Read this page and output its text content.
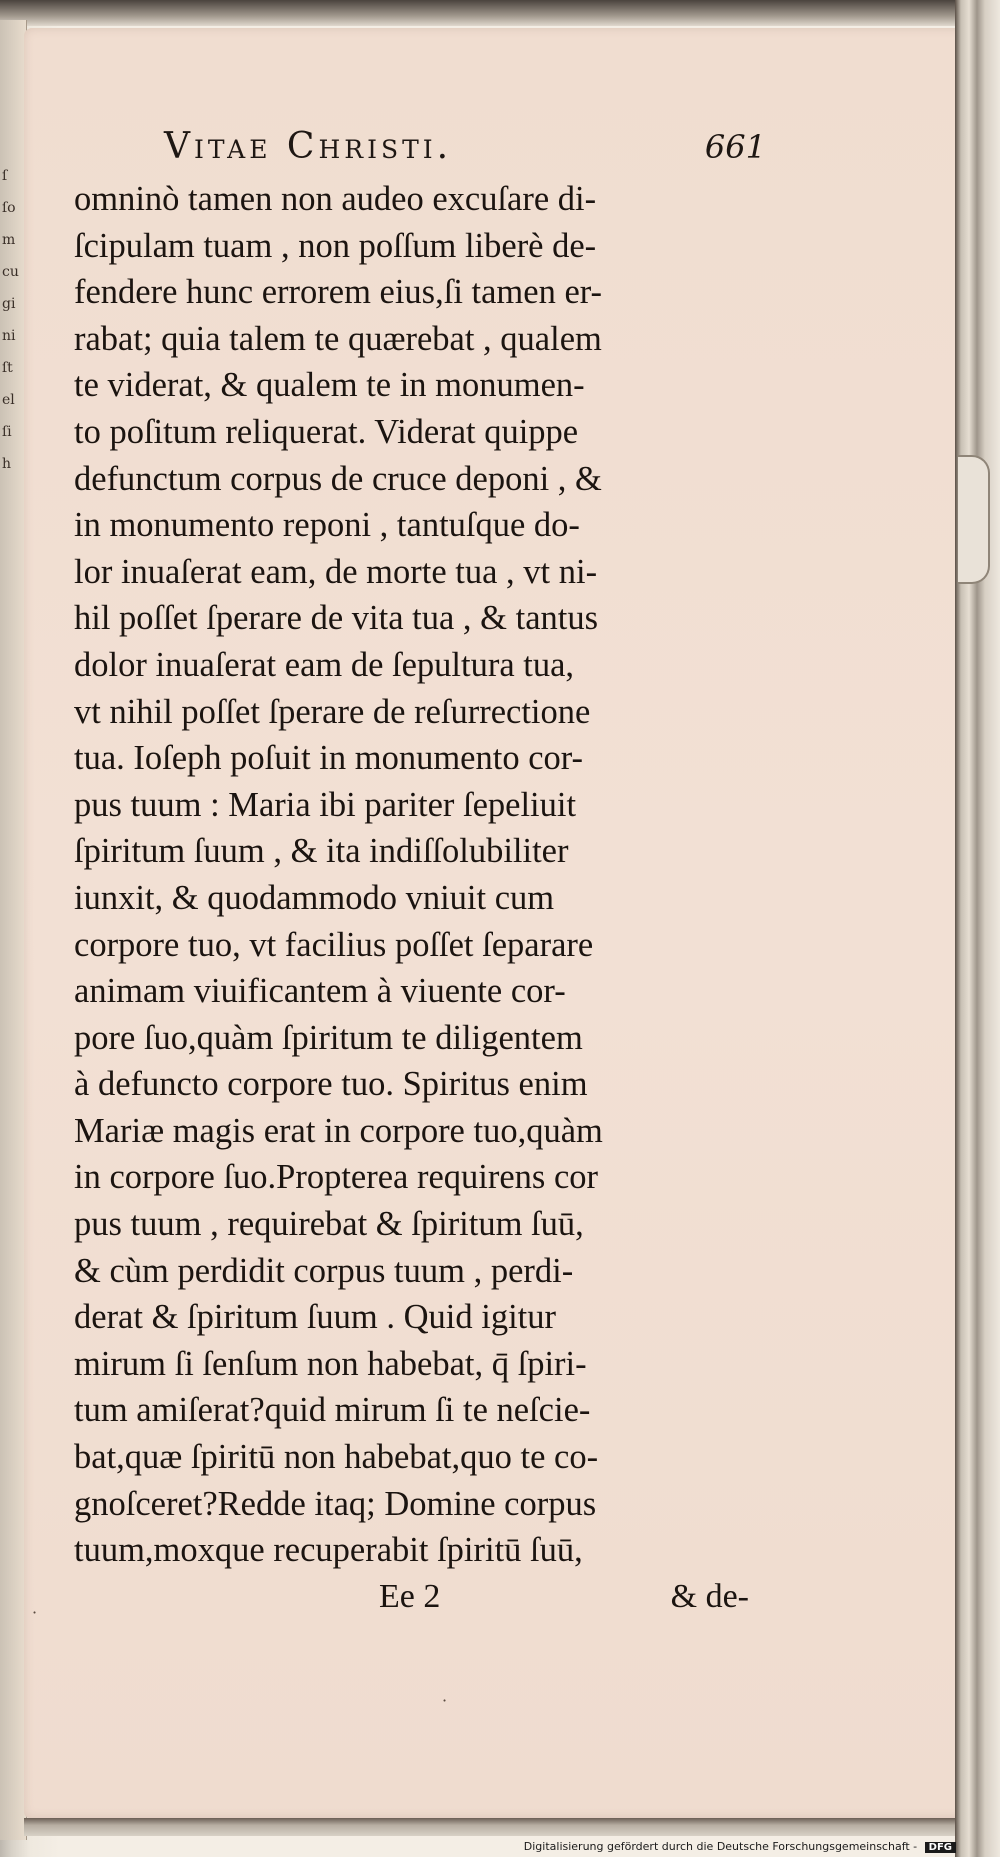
ſ
ſo
m
cu
gi
ni
ſt
el
ſi
h
Vitae Christi.	661
omninò tamen non audeo excuſare di-
ſcipulam tuam , non poſſum liberè de-
fendere hunc errorem eius,ſi tamen er-
rabat; quia talem te quærebat , qualem
te viderat, & qualem te in monumen-
to poſitum reliquerat. Viderat quippe
defunctum corpus de cruce deponi , &
in monumento reponi , tantuſque do-
lor inuaſerat eam, de morte tua , vt ni-
hil poſſet ſperare de vita tua , & tantus
dolor inuaſerat eam de ſepultura tua,
vt nihil poſſet ſperare de reſurrectione
tua. Ioſeph poſuit in monumento cor-
pus tuum : Maria ibi pariter ſepeliuit
ſpiritum ſuum , & ita indiſſolubiliter
iunxit, & quodammodo vniuit cum
corpore tuo, vt facilius poſſet ſeparare
animam viuificantem à viuente cor-
pore ſuo,quàm ſpiritum te diligentem
à defuncto corpore tuo. Spiritus enim
Mariæ magis erat in corpore tuo,quàm
in corpore ſuo.Propterea requirens cor
pus tuum , requirebat & ſpiritum ſuū,
& cùm perdidit corpus tuum , perdi-
derat & ſpiritum ſuum . Quid igitur
mirum ſi ſenſum non habebat, q̄ ſpiri-
tum amiſerat?quid mirum ſi te neſcie-
bat,quæ ſpiritū non habebat,quo te co-
gnoſceret?Redde itaq; Domine corpus
tuum,moxque recuperabit ſpiritū ſuū,
Ee 2	& de-
·
·
Digitalisierung gefördert durch die Deutsche Forschungsgemeinschaft - DFG
